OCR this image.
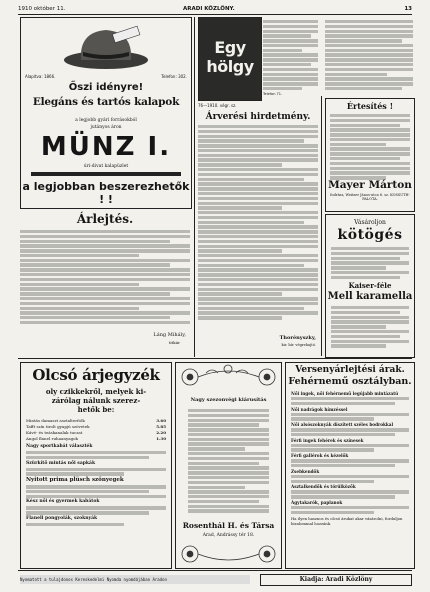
1910 október 11.	ARADI KÖZLÖNY.	13
Alapítva: 1866.	Telefon: 302.
Őszi idényre!
Elegáns és tartós kalapok
a legjobb gyári forrásokból
jutányos áron
MÜNZ I.
úri-divat kalapüzlet
a legjobban beszerezhetők ! !
Árlejtés.
Láng Mihály,
titkár
Egy hölgy
Telefon 71.
76—1910. végr. sz.
Árverési hirdetmény.
Thorényszky,
kir. bír. végrehajtó.
Értesítés !
Mayer Márton
fodrász, Weitzer János-utca 8. sz. KOSSUTH-PALOTA.
Vásároljon
kötögés
Kaiser-féle
Mell karamella
Olcsó árjegyzék
oly czikkekről, melyek ki-
zárólag nálunk szerez-
hetők be:
Mintás damaszt asztalterítők	3.60
Tafft szín tirolt gyapjú szövetek	5.85
Kávé- és teáskanalak tuczat	2.20
Angol flanel ruhaanyagok	1.30
Nagy sportkabát választék
Szürkítő mintás női sapkák
Nyitott prima plüsch szőnyegek
Kész női és gyermek kabátok
Flanell pongyolák, szoknyák
Nagy szezonvégi kiárusítás
Rosenthál H. és Társa
Arad, Andrássy tér 18.
Versenyárlejtési árak.
Fehérnemű osztályban.
Női ingek, női fehérnemű legújabb mintázatú
Női nadrágok hímzéssel
Női alsószoknyák díszített széles bodrokkal
Férfi ingek fehérek és színesek
Férfi gallérok és kézelők
Zsebkendők
Asztalkendők és törülközők
Ágytakarók, paplanok
Ha ilyen hasznos és olcsó árukat akar vásárolni, forduljon bizalommal hozzánk.
Nyomatott a tulajdonos Kereskedelmi Nyomda nyomdájában Aradon	Kiadja: Aradi Közlöny
